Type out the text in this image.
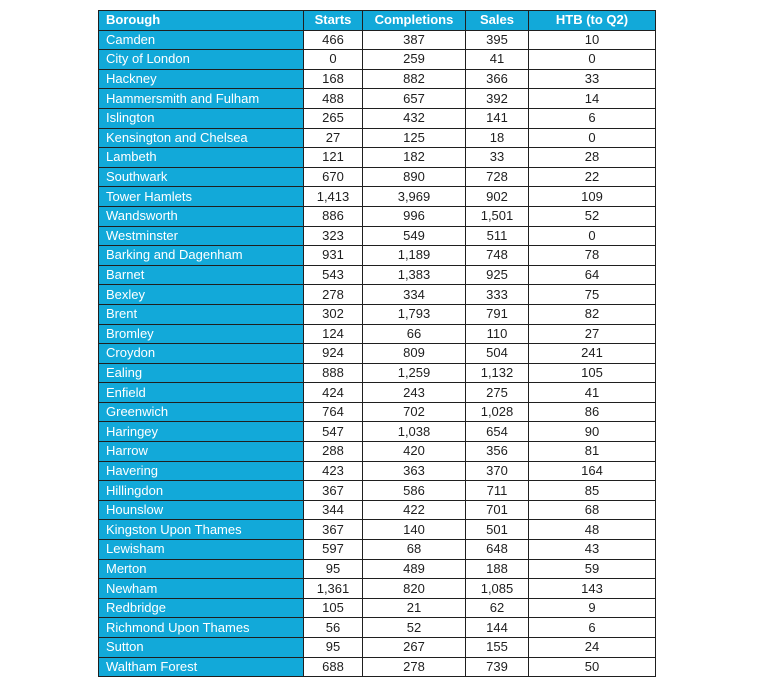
Borough	Starts	Completions	Sales	HTB (to Q2)
Camden	466	387	395	10
City of London	0	259	41	0
Hackney	168	882	366	33
Hammersmith and Fulham	488	657	392	14
Islington	265	432	141	6
Kensington and Chelsea	27	125	18	0
Lambeth	121	182	33	28
Southwark	670	890	728	22
Tower Hamlets	1,413	3,969	902	109
Wandsworth	886	996	1,501	52
Westminster	323	549	511	0
Barking and Dagenham	931	1,189	748	78
Barnet	543	1,383	925	64
Bexley	278	334	333	75
Brent	302	1,793	791	82
Bromley	124	66	110	27
Croydon	924	809	504	241
Ealing	888	1,259	1,132	105
Enfield	424	243	275	41
Greenwich	764	702	1,028	86
Haringey	547	1,038	654	90
Harrow	288	420	356	81
Havering	423	363	370	164
Hillingdon	367	586	711	85
Hounslow	344	422	701	68
Kingston Upon Thames	367	140	501	48
Lewisham	597	68	648	43
Merton	95	489	188	59
Newham	1,361	820	1,085	143
Redbridge	105	21	62	9
Richmond Upon Thames	56	52	144	6
Sutton	95	267	155	24
Waltham Forest	688	278	739	50
